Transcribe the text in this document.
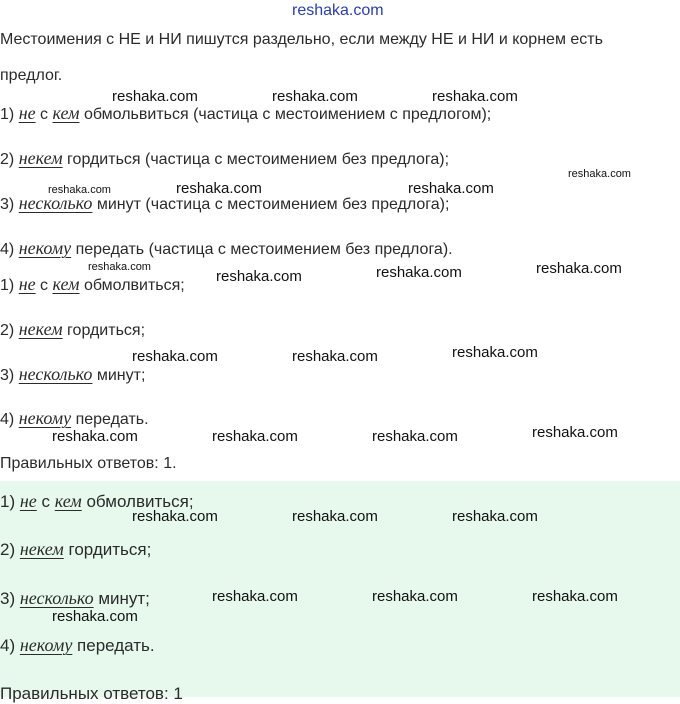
reshaka.com
Местоимения с НЕ и НИ пишутся раздельно, если между НЕ и НИ и корнем есть
предлог.
1) не с кем обмольвиться (частица с местоимением с предлогом);
2) некем гордиться (частица с местоимением без предлога);
3) несколько минут (частица с местоимением без предлога);
4) некому передать (частица с местоимением без предлога).
1) не с кем обмолвиться;
2) некем гордиться;
3) несколько минут;
4) некому передать.
Правильных ответов: 1.
1) не с кем обмолвиться;
2) некем гордиться;
3) несколько минут;
4) некому передать.
Правильных ответов: 1
reshaka.com	reshaka.com	reshaka.com
reshaka.com	reshaka.com	reshaka.com
reshaka.com
reshaka.com
reshaka.com	reshaka.com	reshaka.com
reshaka.com	reshaka.com	reshaka.com
reshaka.com	reshaka.com	reshaka.com	reshaka.com
reshaka.com	reshaka.com	reshaka.com
reshaka.com	reshaka.com	reshaka.com
reshaka.com
